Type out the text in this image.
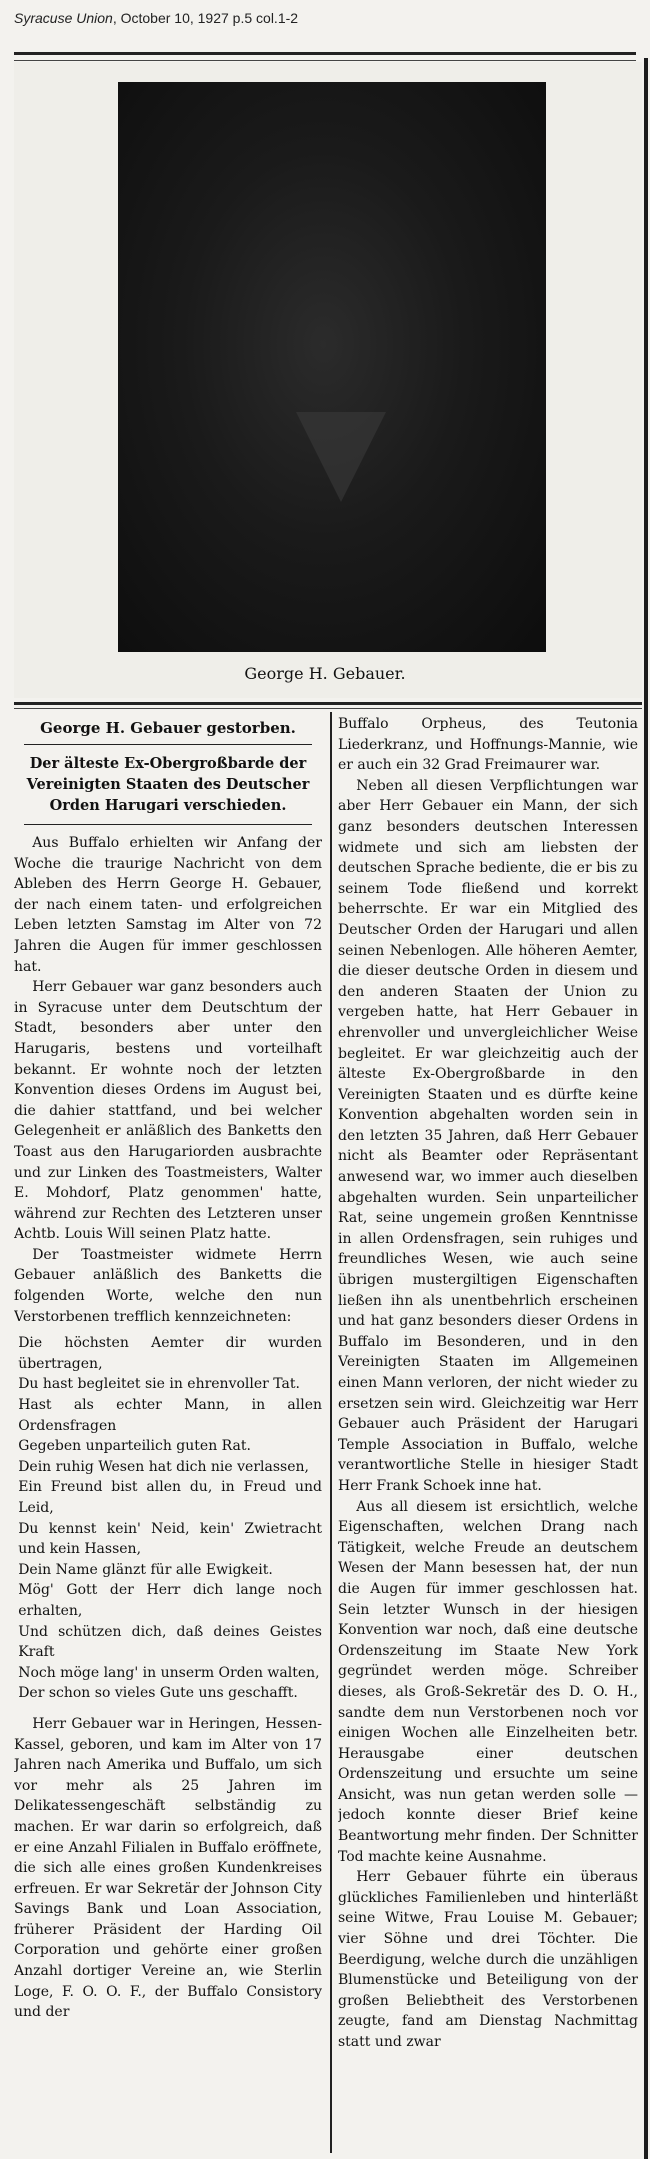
Syracuse Union, October 10, 1927 p.5 col.1-2

George H. Gebauer.

George H. Gebauer gestorben.

Der älteste Ex-Obergroßbarde der Vereinigten Staaten des Deutscher Orden Harugari verschieden.

Aus Buffalo erhielten wir Anfang der Woche die traurige Nachricht von dem Ableben des Herrn George H. Gebauer, der nach einem taten- und erfolgreichen Leben letzten Samstag im Alter von 72 Jahren die Augen für immer geschlossen hat.

Herr Gebauer war ganz besonders auch in Syracuse unter dem Deutschtum der Stadt, besonders aber unter den Harugaris, bestens und vorteilhaft bekannt. Er wohnte noch der letzten Konvention dieses Ordens im August bei, die dahier stattfand, und bei welcher Gelegenheit er anläßlich des Banketts den Toast aus den Harugariorden ausbrachte und zur Linken des Toastmeisters, Walter E. Mohdorf, Platz genommen' hatte, während zur Rechten des Letzteren unser Achtb. Louis Will seinen Platz hatte.

Der Toastmeister widmete Herrn Gebauer anläßlich des Banketts die folgenden Worte, welche den nun Verstorbenen trefflich kennzeichneten:

Die höchsten Aemter dir wurden übertragen,

Du hast begleitet sie in ehrenvoller Tat.

Hast als echter Mann, in allen Ordensfragen

Gegeben unparteilich guten Rat.

Dein ruhig Wesen hat dich nie verlassen,

Ein Freund bist allen du, in Freud und Leid,

Du kennst kein' Neid, kein' Zwietracht und kein Hassen,

Dein Name glänzt für alle Ewigkeit.

Mög' Gott der Herr dich lange noch erhalten,

Und schützen dich, daß deines Geistes Kraft

Noch möge lang' in unserm Orden walten,

Der schon so vieles Gute uns geschafft.

Herr Gebauer war in Heringen, Hessen-Kassel, geboren, und kam im Alter von 17 Jahren nach Amerika und Buffalo, um sich vor mehr als 25 Jahren im Delikatessengeschäft selbständig zu machen. Er war darin so erfolgreich, daß er eine Anzahl Filialen in Buffalo eröffnete, die sich alle eines großen Kundenkreises erfreuen. Er war Sekretär der Johnson City Savings Bank und Loan Association, früherer Präsident der Harding Oil Corporation und gehörte einer großen Anzahl dortiger Vereine an, wie Sterlin Loge, F. O. O. F., der Buffalo Consistory und der

Buffalo Orpheus, des Teutonia Liederkranz, und Hoffnungs-Mannie, wie er auch ein 32 Grad Freimaurer war.

Neben all diesen Verpflichtungen war aber Herr Gebauer ein Mann, der sich ganz besonders deutschen Interessen widmete und sich am liebsten der deutschen Sprache bediente, die er bis zu seinem Tode fließend und korrekt beherrschte. Er war ein Mitglied des Deutscher Orden der Harugari und allen seinen Nebenlogen. Alle höheren Aemter, die dieser deutsche Orden in diesem und den anderen Staaten der Union zu vergeben hatte, hat Herr Gebauer in ehrenvoller und unvergleichlicher Weise begleitet. Er war gleichzeitig auch der älteste Ex-Obergroßbarde in den Vereinigten Staaten und es dürfte keine Konvention abgehalten worden sein in den letzten 35 Jahren, daß Herr Gebauer nicht als Beamter oder Repräsentant anwesend war, wo immer auch dieselben abgehalten wurden. Sein unparteilicher Rat, seine ungemein großen Kenntnisse in allen Ordensfragen, sein ruhiges und freundliches Wesen, wie auch seine übrigen mustergiltigen Eigenschaften ließen ihn als unentbehrlich erscheinen und hat ganz besonders dieser Ordens in Buffalo im Besonderen, und in den Vereinigten Staaten im Allgemeinen einen Mann verloren, der nicht wieder zu ersetzen sein wird. Gleichzeitig war Herr Gebauer auch Präsident der Harugari Temple Association in Buffalo, welche verantwortliche Stelle in hiesiger Stadt Herr Frank Schoek inne hat.

Aus all diesem ist ersichtlich, welche Eigenschaften, welchen Drang nach Tätigkeit, welche Freude an deutschem Wesen der Mann besessen hat, der nun die Augen für immer geschlossen hat. Sein letzter Wunsch in der hiesigen Konvention war noch, daß eine deutsche Ordenszeitung im Staate New York gegründet werden möge. Schreiber dieses, als Groß-Sekretär des D. O. H., sandte dem nun Verstorbenen noch vor einigen Wochen alle Einzelheiten betr. Herausgabe einer deutschen Ordenszeitung und ersuchte um seine Ansicht, was nun getan werden solle — jedoch konnte dieser Brief keine Beantwortung mehr finden. Der Schnitter Tod machte keine Ausnahme.

Herr Gebauer führte ein überaus glückliches Familienleben und hinterläßt seine Witwe, Frau Louise M. Gebauer; vier Söhne und drei Töchter. Die Beerdigung, welche durch die unzähligen Blumenstücke und Beteiligung von der großen Beliebtheit des Verstorbenen zeugte, fand am Dienstag Nachmittag statt und zwar
